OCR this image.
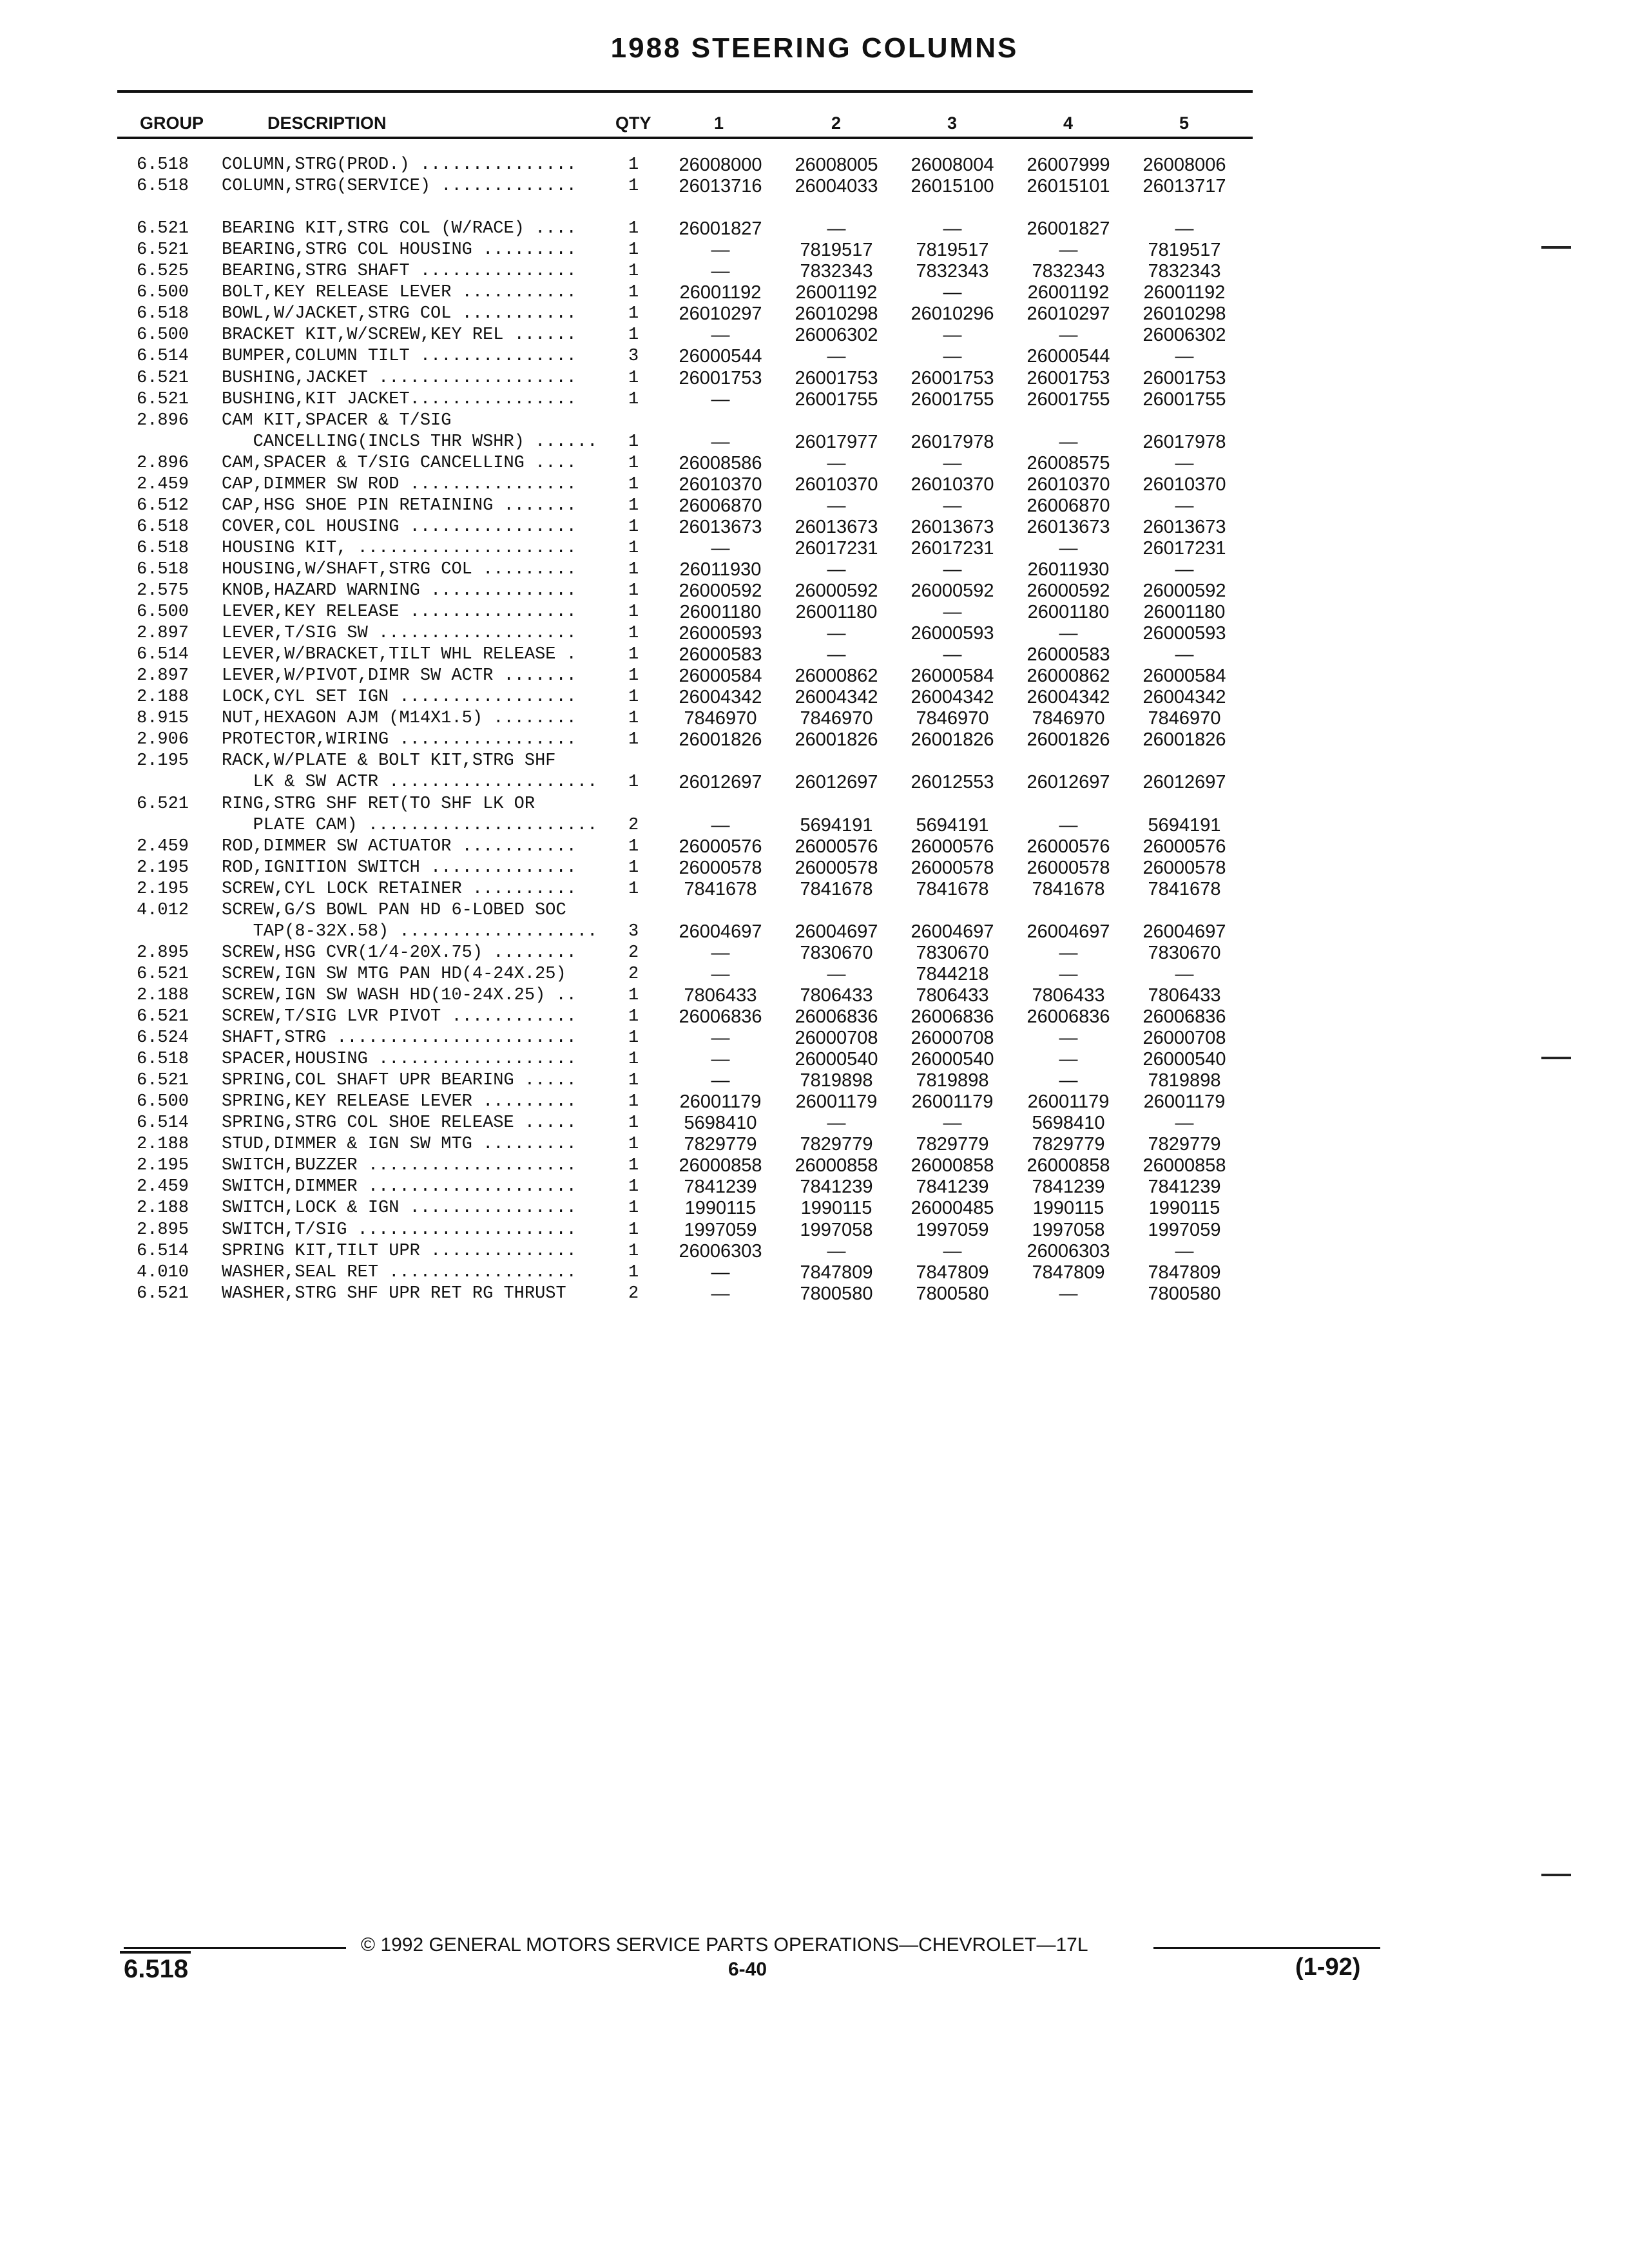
1988 STEERING COLUMNS
GROUP	DESCRIPTION	QTY	1	2	3	4	5
6.518 COLUMN,STRG(PROD.) ...............	1	26008000	26008005	26008004	26007999	26008006
6.518 COLUMN,STRG(SERVICE) .............	1	26013716	26004033	26015100	26015101	26013717
6.521 BEARING KIT,STRG COL (W/RACE) ....	1	26001827	—	—	26001827	—
6.521 BEARING,STRG COL HOUSING .........	1	—	7819517	7819517	—	7819517
6.525 BEARING,STRG SHAFT ...............	1	—	7832343	7832343	7832343	7832343
6.500 BOLT,KEY RELEASE LEVER ...........	1	26001192	26001192	—	26001192	26001192
6.518 BOWL,W/JACKET,STRG COL ...........	1	26010297	26010298	26010296	26010297	26010298
6.500 BRACKET KIT,W/SCREW,KEY REL ......	1	—	26006302	—	—	26006302
6.514 BUMPER,COLUMN TILT ...............	3	26000544	—	—	26000544	—
6.521 BUSHING,JACKET ...................	1	26001753	26001753	26001753	26001753	26001753
6.521 BUSHING,KIT JACKET................	1	—	26001755	26001755	26001755	26001755
2.896 CAM KIT,SPACER & T/SIG
CANCELLING(INCLS THR WSHR) ...... 1	—	26017977	26017978	—	26017978
2.896 CAM,SPACER & T/SIG CANCELLING ....	1	26008586	—	—	26008575	—
2.459 CAP,DIMMER SW ROD ................	1	26010370	26010370	26010370	26010370	26010370
6.512 CAP,HSG SHOE PIN RETAINING .......	1	26006870	—	—	26006870	—
6.518 COVER,COL HOUSING ................	1	26013673	26013673	26013673	26013673	26013673
6.518 HOUSING KIT, .....................	1	—	26017231	26017231	—	26017231
6.518 HOUSING,W/SHAFT,STRG COL .........	1	26011930	—	—	26011930	—
2.575 KNOB,HAZARD WARNING ..............	1	26000592	26000592	26000592	26000592	26000592
6.500 LEVER,KEY RELEASE ................	1	26001180	26001180	—	26001180	26001180
2.897 LEVER,T/SIG SW ...................	1	26000593	—	26000593	—	26000593
6.514 LEVER,W/BRACKET,TILT WHL RELEASE .	1	26000583	—	—	26000583	—
2.897 LEVER,W/PIVOT,DIMR SW ACTR .......	1	26000584	26000862	26000584	26000862	26000584
2.188 LOCK,CYL SET IGN .................	1	26004342	26004342	26004342	26004342	26004342
8.915 NUT,HEXAGON AJM (M14X1.5) ........	1	7846970	7846970	7846970	7846970	7846970
2.906 PROTECTOR,WIRING .................	1	26001826	26001826	26001826	26001826	26001826
2.195 RACK,W/PLATE & BOLT KIT,STRG SHF
LK & SW ACTR .................... 1	26012697	26012697	26012553	26012697	26012697
6.521 RING,STRG SHF RET(TO SHF LK OR
PLATE CAM) ...................... 2	—	5694191	5694191	—	5694191
2.459 ROD,DIMMER SW ACTUATOR ...........	1	26000576	26000576	26000576	26000576	26000576
2.195 ROD,IGNITION SWITCH ..............	1	26000578	26000578	26000578	26000578	26000578
2.195 SCREW,CYL LOCK RETAINER ..........	1	7841678	7841678	7841678	7841678	7841678
4.012 SCREW,G/S BOWL PAN HD 6-LOBED SOC
TAP(8-32X.58) ................... 3	26004697	26004697	26004697	26004697	26004697
2.895 SCREW,HSG CVR(1/4-20X.75) ........	2	—	7830670	7830670	—	7830670
6.521 SCREW,IGN SW MTG PAN HD(4-24X.25)	2	—	—	7844218	—	—
2.188 SCREW,IGN SW WASH HD(10-24X.25) ..	1	7806433	7806433	7806433	7806433	7806433
6.521 SCREW,T/SIG LVR PIVOT ............	1	26006836	26006836	26006836	26006836	26006836
6.524 SHAFT,STRG .......................	1	—	26000708	26000708	—	26000708
6.518 SPACER,HOUSING ...................	1	—	26000540	26000540	—	26000540
6.521 SPRING,COL SHAFT UPR BEARING .....	1	—	7819898	7819898	—	7819898
6.500 SPRING,KEY RELEASE LEVER .........	1	26001179	26001179	26001179	26001179	26001179
6.514 SPRING,STRG COL SHOE RELEASE .....	1	5698410	—	—	5698410	—
2.188 STUD,DIMMER & IGN SW MTG .........	1	7829779	7829779	7829779	7829779	7829779
2.195 SWITCH,BUZZER ....................	1	26000858	26000858	26000858	26000858	26000858
2.459 SWITCH,DIMMER ....................	1	7841239	7841239	7841239	7841239	7841239
2.188 SWITCH,LOCK & IGN ................	1	1990115	1990115	26000485	1990115	1990115
2.895 SWITCH,T/SIG .....................	1	1997059	1997058	1997059	1997058	1997059
6.514 SPRING KIT,TILT UPR ..............	1	26006303	—	—	26006303	—
4.010 WASHER,SEAL RET ..................	1	—	7847809	7847809	7847809	7847809
6.521 WASHER,STRG SHF UPR RET RG THRUST	2	—	7800580	7800580	—	7800580
© 1992 GENERAL MOTORS SERVICE PARTS OPERATIONS—CHEVROLET—17L
6-40
6.518	(1-92)
